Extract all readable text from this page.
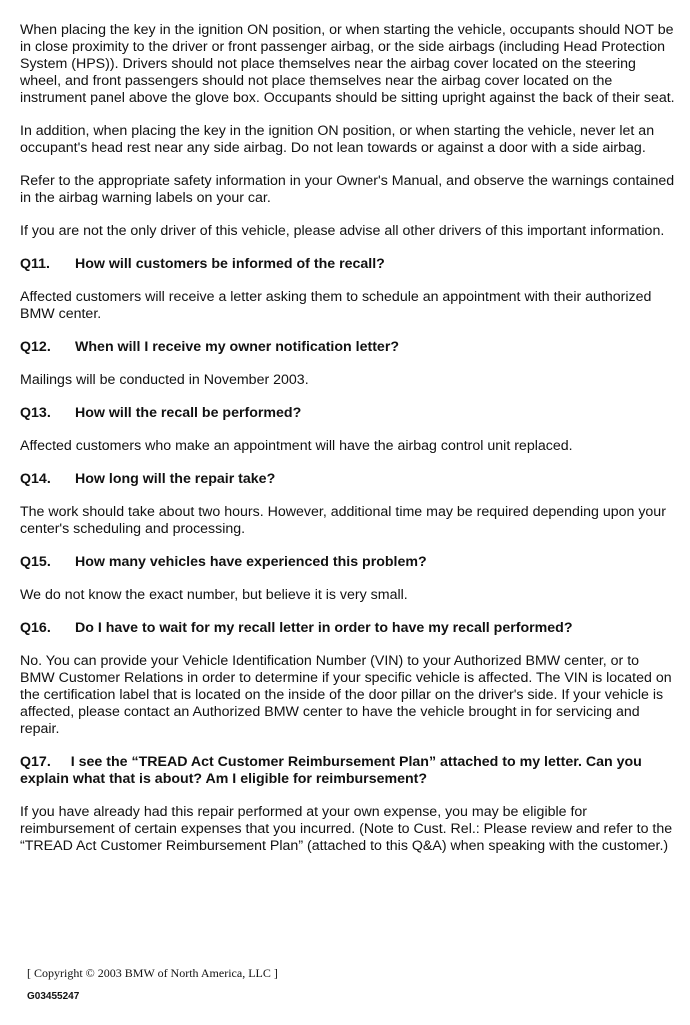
When placing the key in the ignition ON position, or when starting the vehicle, occupants should NOT be in close proximity to the driver or front passenger airbag, or the side airbags (including Head Protection System (HPS)). Drivers should not place themselves near the airbag cover located on the steering wheel, and front passengers should not place themselves near the airbag cover located on the instrument panel above the glove box. Occupants should be sitting upright against the back of their seat.

In addition, when placing the key in the ignition ON position, or when starting the vehicle, never let an occupant's head rest near any side airbag. Do not lean towards or against a door with a side airbag.

Refer to the appropriate safety information in your Owner's Manual, and observe the warnings contained in the airbag warning labels on your car.

If you are not the only driver of this vehicle, please advise all other drivers of this important information.

Q11. How will customers be informed of the recall?

Affected customers will receive a letter asking them to schedule an appointment with their authorized BMW center.

Q12. When will I receive my owner notification letter?

Mailings will be conducted in November 2003.

Q13. How will the recall be performed?

Affected customers who make an appointment will have the airbag control unit replaced.

Q14. How long will the repair take?

The work should take about two hours. However, additional time may be required depending upon your center's scheduling and processing.

Q15. How many vehicles have experienced this problem?

We do not know the exact number, but believe it is very small.

Q16. Do I have to wait for my recall letter in order to have my recall performed?

No. You can provide your Vehicle Identification Number (VIN) to your Authorized BMW center, or to BMW Customer Relations in order to determine if your specific vehicle is affected. The VIN is located on the certification label that is located on the inside of the door pillar on the driver's side. If your vehicle is affected, please contact an Authorized BMW center to have the vehicle brought in for servicing and repair.

Q17. I see the “TREAD Act Customer Reimbursement Plan” attached to my letter. Can you explain what that is about? Am I eligible for reimbursement?

If you have already had this repair performed at your own expense, you may be eligible for reimbursement of certain expenses that you incurred. (Note to Cust. Rel.: Please review and refer to the “TREAD Act Customer Reimbursement Plan” (attached to this Q&A) when speaking with the customer.)

[ Copyright © 2003 BMW of North America, LLC ]
G03455247
